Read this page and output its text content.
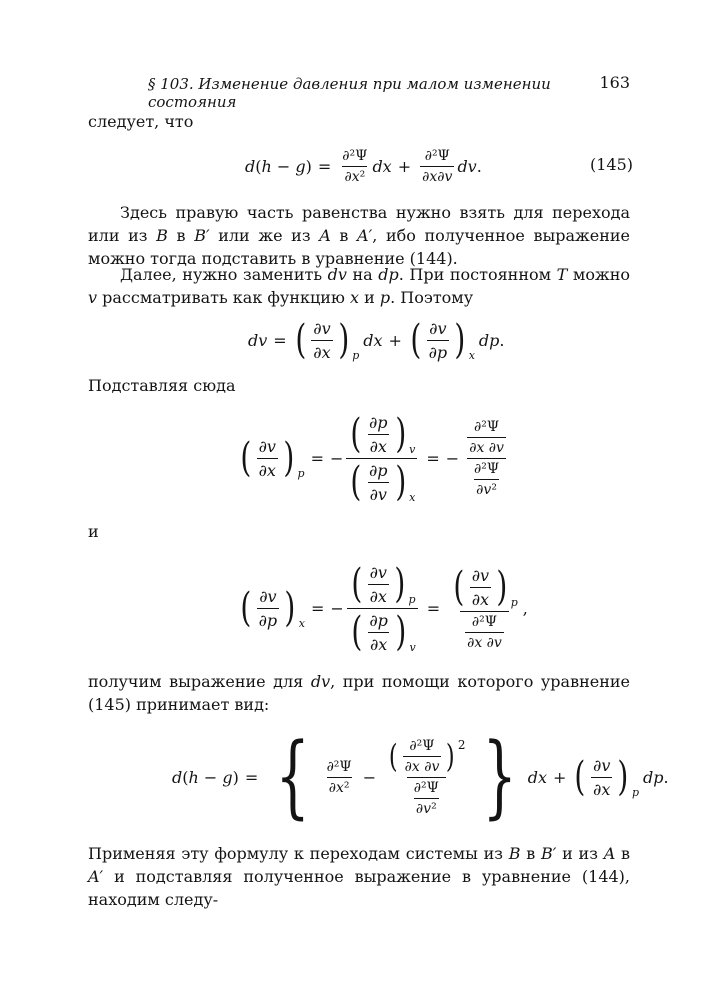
§ 103. Изменение давления при малом изменении состояния
163
следует, что
$d(h - g) = \frac{\text{∂²Ψ}}{\text{∂x²}}$ dx + $\frac{\text{∂²Ψ}}{\partial x\partial v}$ dv.	(145)
Здесь правую часть равенства нужно взять для перехода или из B в B′ или же из A в A′, ибо полученное выражение можно тогда подставить в уравнение (144).
Далее, нужно заменить dv на dp. При постоянном T можно v рассматривать как функцию x и p. Поэтому
dv = ( $\frac{\partial v}{\partial x}$ ) p
dx + ( $\frac{\partial v}{\partial p}$ ) x
dp.
Подставляя сюда
( $\frac{\partial v}{\partial x}$ ) p
= − $\frac{( \frac{\partial p}{\partial x} ) v}{( \frac{\partial p}{\partial v} ) x}$ = − $\frac{\frac{\text{∂²Ψ}}{\partial x \partial v}}{\frac{\text{∂²Ψ}}{\text{∂v²}}}$
и
( $\frac{\partial v}{\partial p}$ ) x
= − $\frac{( \frac{\partial v}{\partial x} ) p}{( \frac{\partial p}{\partial x} ) v} = \frac{( \frac{\partial v}{\partial x} ) p}{\frac{\text{∂²Ψ}}{\partial x \partial v}}$ ,
получим выражение для dv, при помощи которого уравнение (145) принимает вид:
d(h − g) = { $\frac{\text{∂²Ψ}}{\text{∂x²}} - \frac{( \frac{\text{∂²Ψ}}{\partial x \partial v} ) 2}{\frac{\text{∂²Ψ}}{\text{∂v²}}}$ } dx + ( $\frac{\partial v}{\partial x}$ ) p
dp.
Применяя эту формулу к переходам системы из B в B′ и из A в A′ и подставляя полученное выражение в уравнение (144), находим следу-
